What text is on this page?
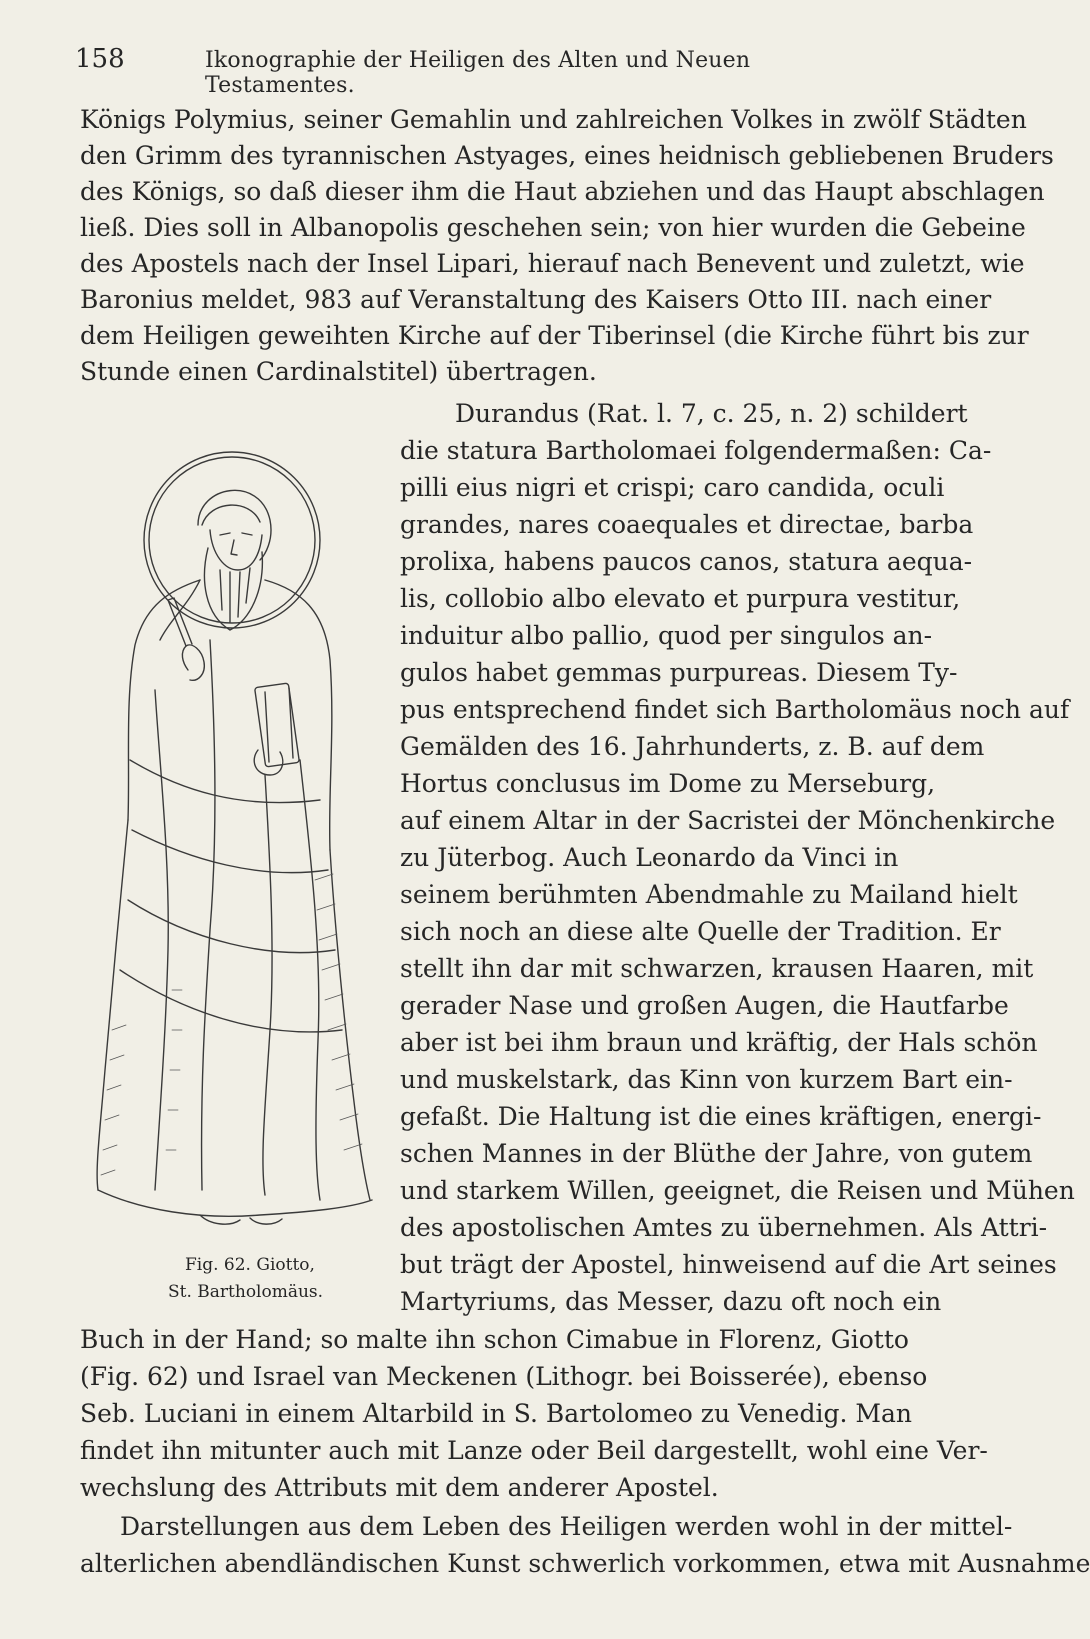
158	Ikonographie der Heiligen des Alten und Neuen Testamentes.
Königs Polymius, seiner Gemahlin und zahlreichen Volkes in zwölf Städten
den Grimm des tyrannischen Astyages, eines heidnisch gebliebenen Bruders
des Königs, so daß dieser ihm die Haut abziehen und das Haupt abschlagen
ließ. Dies soll in Albanopolis geschehen sein; von hier wurden die Gebeine
des Apostels nach der Insel Lipari, hierauf nach Benevent und zuletzt, wie
Baronius meldet, 983 auf Veranstaltung des Kaisers Otto III. nach einer
dem Heiligen geweihten Kirche auf der Tiberinsel (die Kirche führt bis zur
Stunde einen Cardinalstitel) übertragen.
Durandus (Rat. l. 7, c. 25, n. 2) schildert
die statura Bartholomaei folgendermaßen: Ca-
pilli eius nigri et crispi; caro candida, oculi
grandes, nares coaequales et directae, barba
prolixa, habens paucos canos, statura aequa-
lis, collobio albo elevato et purpura vestitur,
induitur albo pallio, quod per singulos an-
gulos habet gemmas purpureas. Diesem Ty-
pus entsprechend findet sich Bartholomäus noch auf
Gemälden des 16. Jahrhunderts, z. B. auf dem
Hortus conclusus im Dome zu Merseburg,
auf einem Altar in der Sacristei der Mönchenkirche
zu Jüterbog. Auch Leonardo da Vinci in
seinem berühmten Abendmahle zu Mailand hielt
sich noch an diese alte Quelle der Tradition. Er
stellt ihn dar mit schwarzen, krausen Haaren, mit
gerader Nase und großen Augen, die Hautfarbe
aber ist bei ihm braun und kräftig, der Hals schön
und muskelstark, das Kinn von kurzem Bart ein-
gefaßt. Die Haltung ist die eines kräftigen, energi-
schen Mannes in der Blüthe der Jahre, von gutem
und starkem Willen, geeignet, die Reisen und Mühen
des apostolischen Amtes zu übernehmen. Als Attri-
but trägt der Apostel, hinweisend auf die Art seines
Martyriums, das Messer, dazu oft noch ein
Fig. 62. Giotto,
St. Bartholomäus.
Buch in der Hand; so malte ihn schon Cimabue in Florenz, Giotto
(Fig. 62) und Israel van Meckenen (Lithogr. bei Boisserée), ebenso
Seb. Luciani in einem Altarbild in S. Bartolomeo zu Venedig. Man
findet ihn mitunter auch mit Lanze oder Beil dargestellt, wohl eine Ver-
wechslung des Attributs mit dem anderer Apostel.
Darstellungen aus dem Leben des Heiligen werden wohl in der mittel-
alterlichen abendländischen Kunst schwerlich vorkommen, etwa mit Ausnahme
